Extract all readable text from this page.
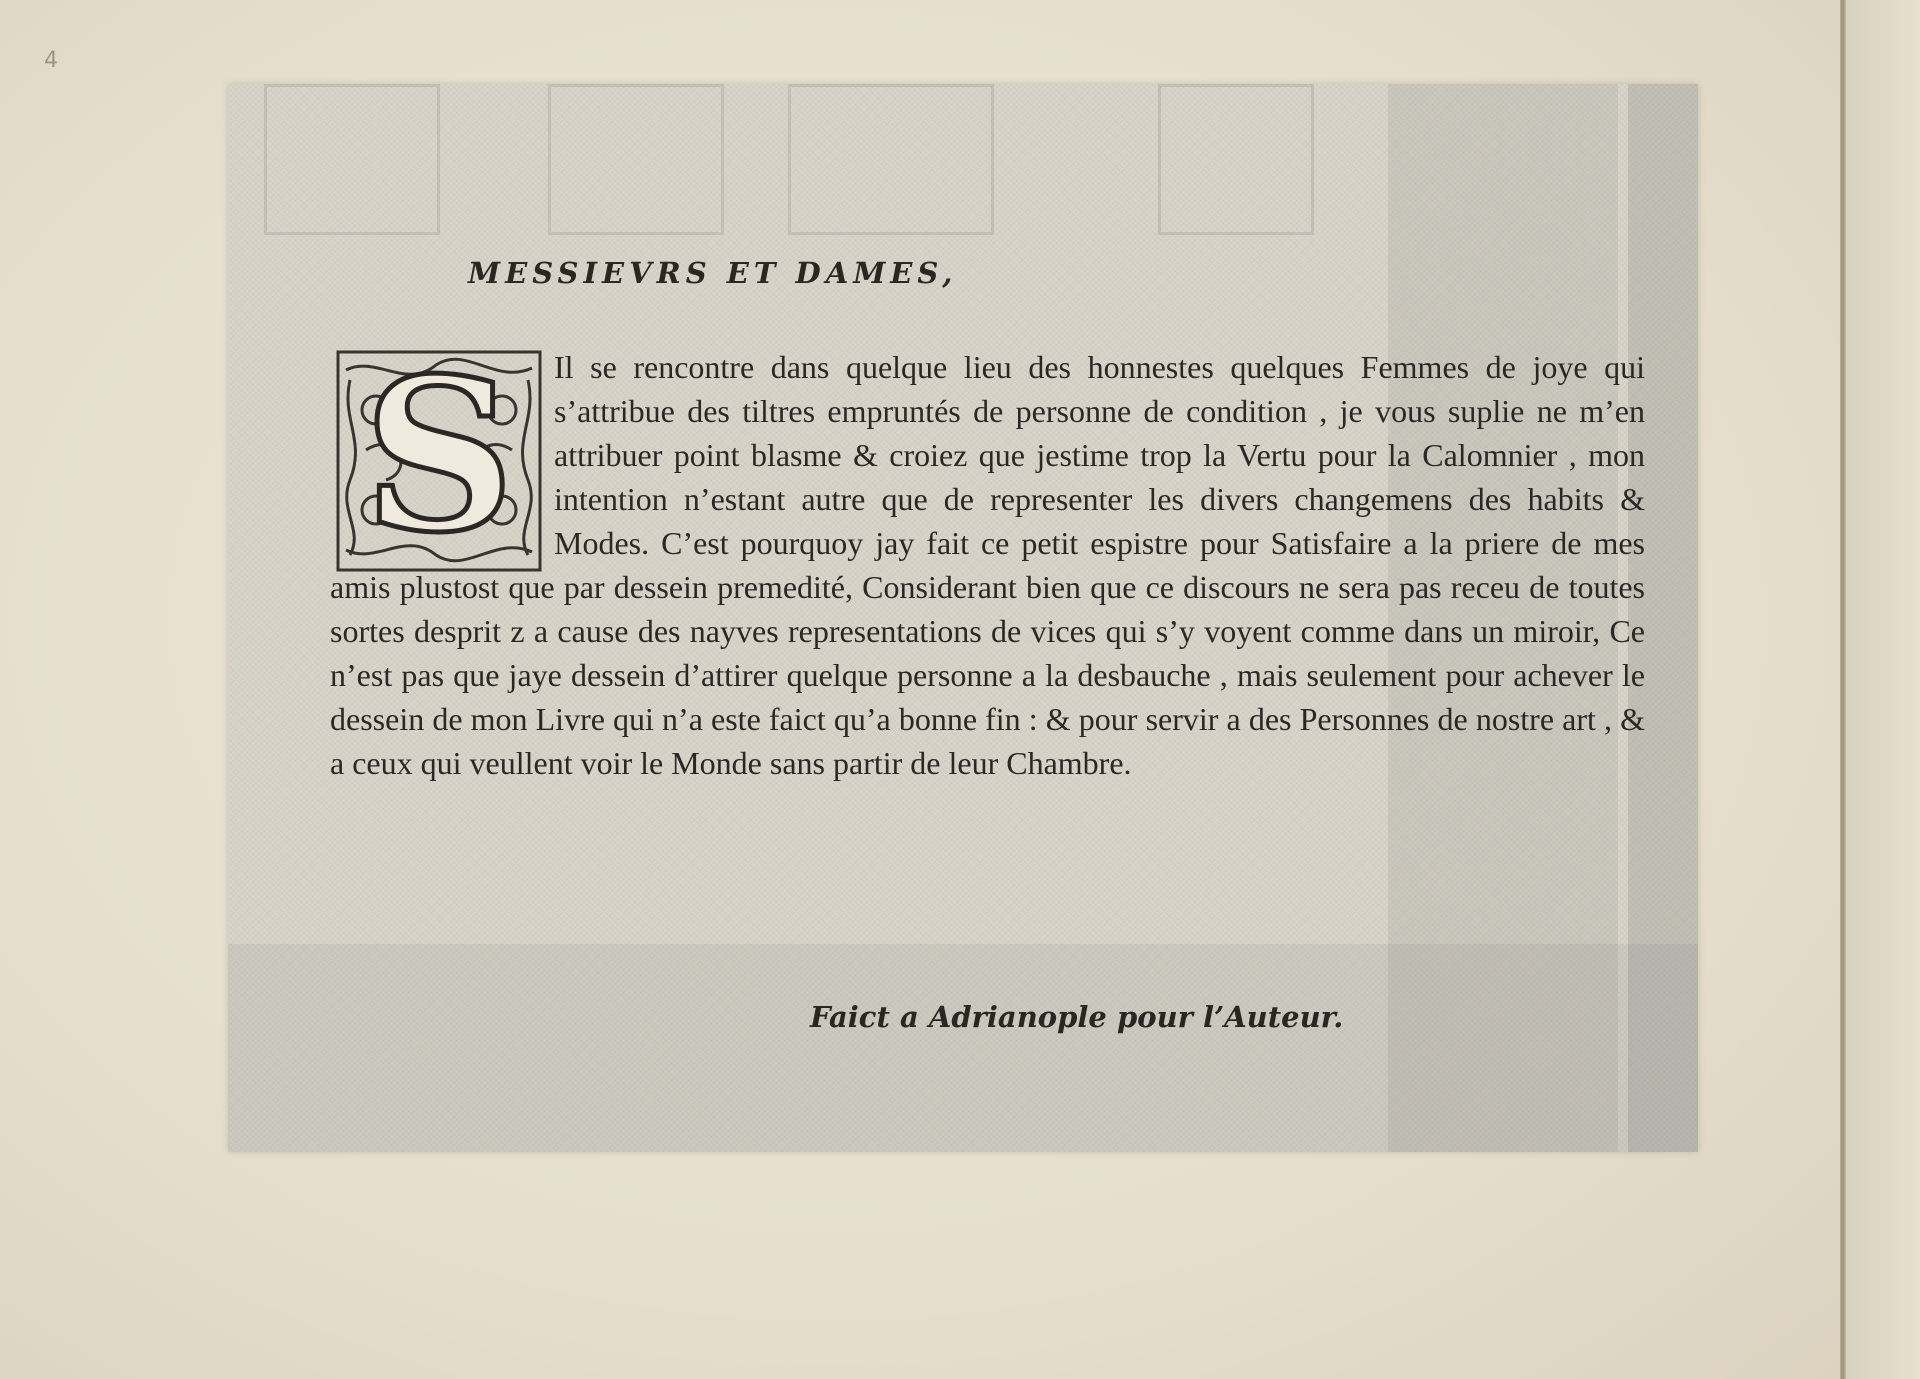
4
MESSIEVRS ET DAMES,
S	Il se rencontre dans quelque lieu des honnestes quelques Femmes de joye qui s’attribue des tiltres empruntés de personne de condition , je vous suplie ne m’en attribuer point blasme & croiez que jestime trop la Vertu pour la Calomnier , mon intention n’estant autre que de representer les divers changemens des habits & Modes. C’est pourquoy jay fait ce petit espistre pour Satisfaire a la priere de mes amis plustost que par dessein premedité, Considerant bien que ce discours ne sera pas receu de toutes sortes desprit z a cause des nayves representations de vices qui s’y voyent comme dans un miroir, Ce n’est pas que jaye dessein d’attirer quelque personne a la desbauche , mais seulement pour achever le dessein de mon Livre qui n’a este faict qu’a bonne fin : & pour servir a des Personnes de nostre art , & a ceux qui veullent voir le Monde sans partir de leur Chambre.

Faict a Adrianople pour l’Auteur.
